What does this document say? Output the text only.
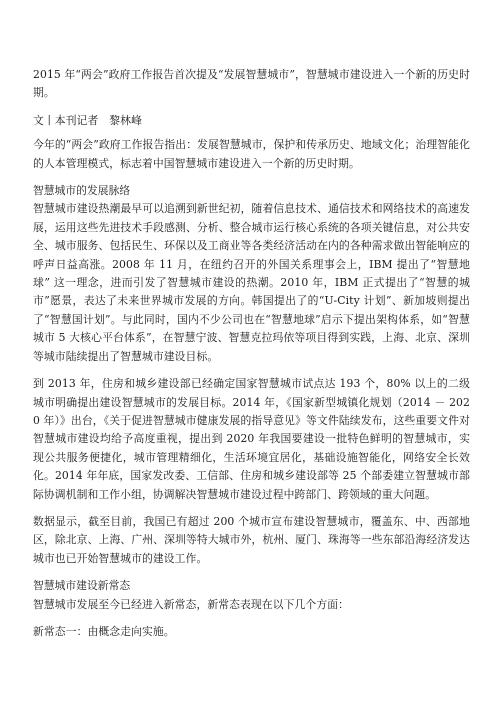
2015 年“两会”政府工作报告首次提及“发展智慧城市”，智慧城市建设进入一个新的历史时期。

文丨本刊记者　黎林峰

今年的“两会”政府工作报告指出：发展智慧城市，保护和传承历史、地域文化；治理智能化的人本管理模式，标志着中国智慧城市建设进入一个新的历史时期。

智慧城市的发展脉络

智慧城市建设热潮最早可以追溯到新世纪初，随着信息技术、通信技术和网络技术的高速发展，运用这些先进技术手段感测、分析、整合城市运行核心系统的各项关键信息，对公共安全、城市服务、包括民生、环保以及工商业等各类经济活动在内的各种需求做出智能响应的呼声日益高涨。2008 年 11 月，在纽约召开的外国关系理事会上，IBM 提出了“智慧地球” 这一理念，进而引发了智慧城市建设的热潮。2010 年，IBM 正式提出了“智慧的城市”愿景，表达了未来世界城市发展的方向。韩国提出了的“U-City 计划”、新加坡则提出了“智慧国计划”。与此同时，国内不少公司也在“智慧地球”启示下提出架构体系，如“智慧城市 5 大核心平台体系”，在智慧宁波、智慧克拉玛依等项目得到实践，上海、北京、深圳等城市陆续提出了智慧城市建设目标。

到 2013 年，住房和城乡建设部已经确定国家智慧城市试点达 193 个，80% 以上的二级城市明确提出建设智慧城市的发展目标。2014 年，《国家新型城镇化规划（2014 － 2020 年）》出台，《关于促进智慧城市健康发展的指导意见》等文件陆续发布，这些重要文件对智慧城市建设均给予高度重视，提出到 2020 年我国要建设一批特色鲜明的智慧城市，实现公共服务便捷化，城市管理精细化，生活环境宜居化，基础设施智能化，网络安全长效化。2014 年年底，国家发改委、工信部、住房和城乡建设部等 25 个部委建立智慧城市部际协调机制和工作小组，协调解决智慧城市建设过程中跨部门、跨领域的重大问题。

数据显示，截至目前，我国已有超过 200 个城市宣布建设智慧城市，覆盖东、中、西部地区，除北京、上海、广州、深圳等特大城市外，杭州、厦门、珠海等一些东部沿海经济发达城市也已开始智慧城市的建设工作。

智慧城市建设新常态

智慧城市发展至今已经进入新常态，新常态表现在以下几个方面：

新常态一：由概念走向实施。
